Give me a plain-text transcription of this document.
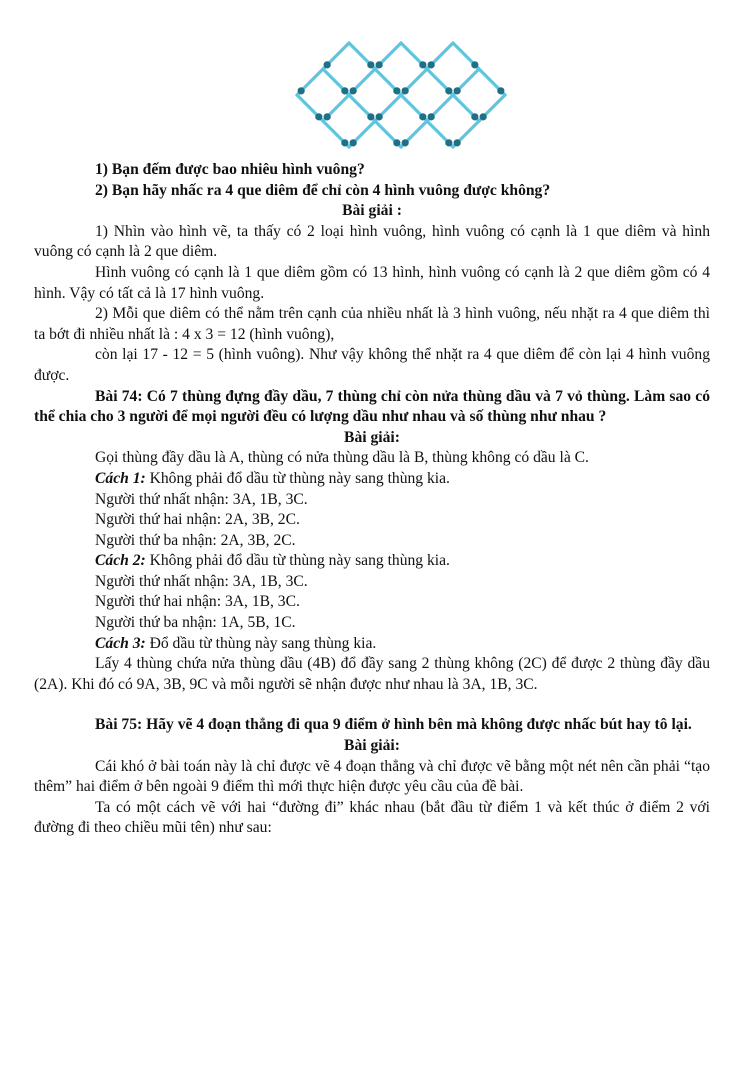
1) Bạn đếm được bao nhiêu hình vuông?

2) Bạn hãy nhấc ra 4 que diêm để chỉ còn 4 hình vuông được không?

Bài giải :

1) Nhìn vào hình vẽ, ta thấy có 2 loại hình vuông, hình vuông có cạnh là 1 que diêm và hình vuông có cạnh là 2 que diêm.

Hình vuông có cạnh là 1 que diêm gồm có 13 hình, hình vuông có cạnh là 2 que diêm gồm có 4 hình. Vậy có tất cả là 17 hình vuông.

2) Mỗi que diêm có thể nằm trên cạnh của nhiều nhất là 3 hình vuông, nếu nhặt ra 4 que diêm thì ta bớt đi nhiều nhất là : 4 x 3 = 12 (hình vuông),

còn lại 17 - 12 = 5 (hình vuông). Như vậy không thể nhặt ra 4 que diêm để còn lại 4 hình vuông được.

Bài 74: Có 7 thùng đựng đầy dầu, 7 thùng chỉ còn nửa thùng dầu và 7 vỏ thùng. Làm sao có thể chia cho 3 người để mọi người đều có lượng dầu như nhau và số thùng như nhau ?

Bài giải:

Gọi thùng đầy dầu là A, thùng có nửa thùng dầu là B, thùng không có dầu là C.

Cách 1: Không phải đổ dầu từ thùng này sang thùng kia.

Người thứ nhất nhận: 3A, 1B, 3C.

Người thứ hai nhận: 2A, 3B, 2C.

Người thứ ba nhận: 2A, 3B, 2C.

Cách 2: Không phải đổ dầu từ thùng này sang thùng kia.

Người thứ nhất nhận: 3A, 1B, 3C.

Người thứ hai nhận: 3A, 1B, 3C.

Người thứ ba nhận: 1A, 5B, 1C.

Cách 3: Đổ dầu từ thùng này sang thùng kia.

Lấy 4 thùng chứa nửa thùng dầu (4B) đổ đầy sang 2 thùng không (2C) để được 2 thùng đầy dầu (2A). Khi đó có 9A, 3B, 9C và mỗi người sẽ nhận được như nhau là 3A, 1B, 3C.

Bài 75: Hãy vẽ 4 đoạn thẳng đi qua 9 điểm ở hình bên mà không được nhấc bút hay tô lại.

Bài giải:

Cái khó ở bài toán này là chỉ được vẽ 4 đoạn thẳng và chỉ được vẽ bằng một nét nên cần phải “tạo thêm” hai điểm ở bên ngoài 9 điểm thì mới thực hiện được yêu cầu của đề bài.

Ta có một cách vẽ với hai “đường đi” khác nhau (bắt đầu từ điểm 1 và kết thúc ở điểm 2 với đường đi theo chiều mũi tên) như sau:
